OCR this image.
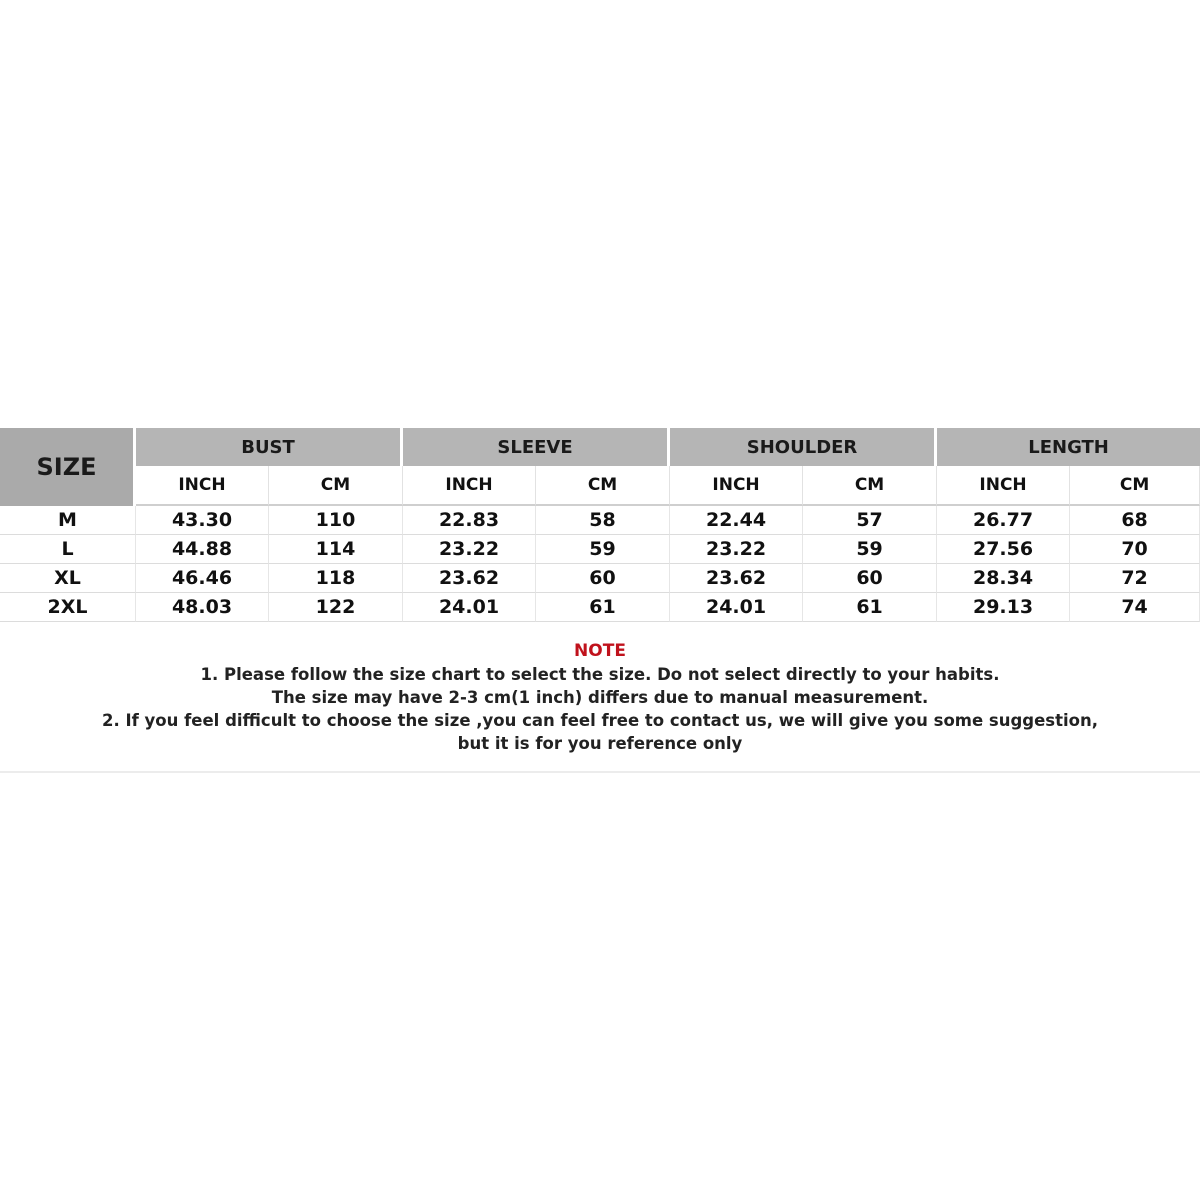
SIZE	BUST		SLEEVE		SHOULDER		LENGTH	
	INCH	CM	INCH	CM	INCH	CM	INCH	CM
M	43.30	110	22.83	58	22.44	57	26.77	68
L	44.88	114	23.22	59	23.22	59	27.56	70
XL	46.46	118	23.62	60	23.62	60	28.34	72
2XL	48.03	122	24.01	61	24.01	61	29.13	74
NOTE
1. Please follow the size chart to select the size. Do not select directly to your habits.
The size may have 2-3 cm(1 inch) differs due to manual measurement.
2. If you feel difficult to choose the size ,you can feel free to contact us, we will give you some suggestion,
but it is for you reference only
